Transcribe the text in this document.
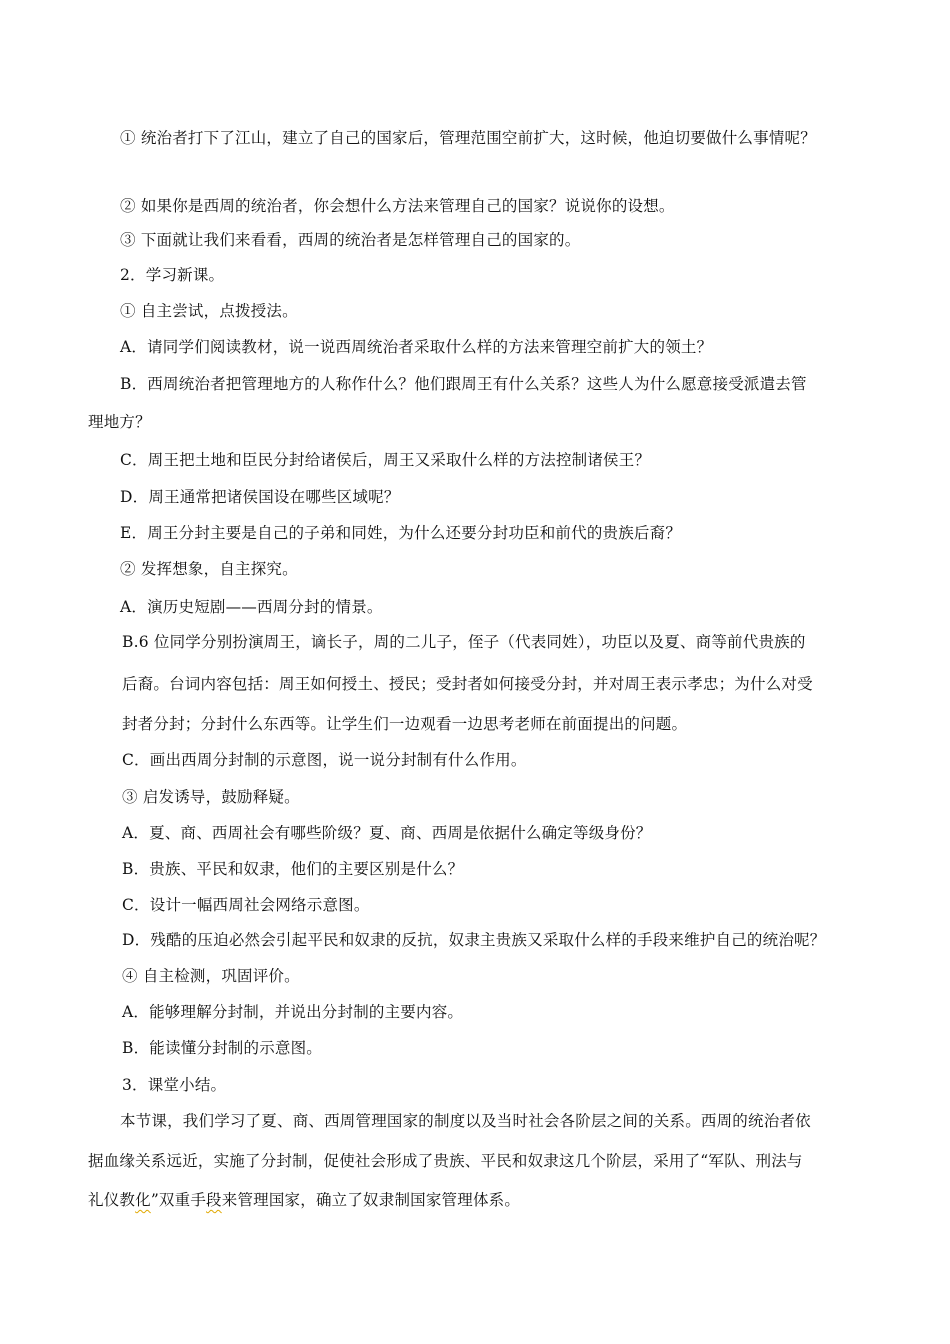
① 统治者打下了江山，建立了自己的国家后，管理范围空前扩大，这时候，他迫切要做什么事情呢？
② 如果你是西周的统治者，你会想什么方法来管理自己的国家？说说你的设想。
③ 下面就让我们来看看，西周的统治者是怎样管理自己的国家的。
2．学习新课。
① 自主尝试，点拨授法。
A．请同学们阅读教材，说一说西周统治者采取什么样的方法来管理空前扩大的领土？
B．西周统治者把管理地方的人称作什么？他们跟周王有什么关系？这些人为什么愿意接受派遣去管
理地方？
C．周王把土地和臣民分封给诸侯后，周王又采取什么样的方法控制诸侯王？
D．周王通常把诸侯国设在哪些区域呢？
E．周王分封主要是自己的子弟和同姓，为什么还要分封功臣和前代的贵族后裔？
② 发挥想象，自主探究。
A．演历史短剧——西周分封的情景。
B.6 位同学分别扮演周王，谪长子，周的二儿子，侄子（代表同姓），功臣以及夏、商等前代贵族的
后裔。台词内容包括：周王如何授土、授民；受封者如何接受分封，并对周王表示孝忠；为什么对受
封者分封；分封什么东西等。让学生们一边观看一边思考老师在前面提出的问题。
C．画出西周分封制的示意图，说一说分封制有什么作用。
③ 启发诱导，鼓励释疑。
A．夏、商、西周社会有哪些阶级？夏、商、西周是依据什么确定等级身份？
B．贵族、平民和奴隶，他们的主要区别是什么？
C．设计一幅西周社会网络示意图。
D．残酷的压迫必然会引起平民和奴隶的反抗，奴隶主贵族又采取什么样的手段来维护自己的统治呢？
④ 自主检测，巩固评价。
A．能够理解分封制，并说出分封制的主要内容。
B．能读懂分封制的示意图。
3．课堂小结。
本节课，我们学习了夏、商、西周管理国家的制度以及当时社会各阶层之间的关系。西周的统治者依
据血缘关系远近，实施了分封制，促使社会形成了贵族、平民和奴隶这几个阶层，采用了“军队、刑法与
礼仪教化”双重手段来管理国家，确立了奴隶制国家管理体系。
